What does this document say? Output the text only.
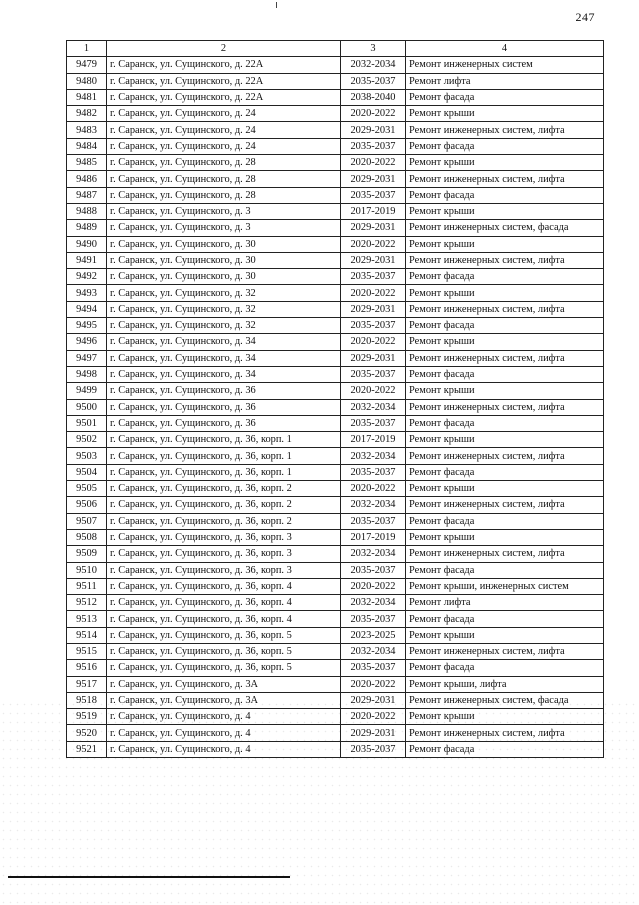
247
1	2	3	4
9479	г. Саранск, ул. Сущинского, д. 22А	2032-2034	Ремонт инженерных систем
9480	г. Саранск, ул. Сущинского, д. 22А	2035-2037	Ремонт лифта
9481	г. Саранск, ул. Сущинского, д. 22А	2038-2040	Ремонт фасада
9482	г. Саранск, ул. Сущинского, д. 24	2020-2022	Ремонт крыши
9483	г. Саранск, ул. Сущинского, д. 24	2029-2031	Ремонт инженерных систем, лифта
9484	г. Саранск, ул. Сущинского, д. 24	2035-2037	Ремонт фасада
9485	г. Саранск, ул. Сущинского, д. 28	2020-2022	Ремонт крыши
9486	г. Саранск, ул. Сущинского, д. 28	2029-2031	Ремонт инженерных систем, лифта
9487	г. Саранск, ул. Сущинского, д. 28	2035-2037	Ремонт фасада
9488	г. Саранск, ул. Сущинского, д. 3	2017-2019	Ремонт крыши
9489	г. Саранск, ул. Сущинского, д. 3	2029-2031	Ремонт инженерных систем, фасада
9490	г. Саранск, ул. Сущинского, д. 30	2020-2022	Ремонт крыши
9491	г. Саранск, ул. Сущинского, д. 30	2029-2031	Ремонт инженерных систем, лифта
9492	г. Саранск, ул. Сущинского, д. 30	2035-2037	Ремонт фасада
9493	г. Саранск, ул. Сущинского, д. 32	2020-2022	Ремонт крыши
9494	г. Саранск, ул. Сущинского, д. 32	2029-2031	Ремонт инженерных систем, лифта
9495	г. Саранск, ул. Сущинского, д. 32	2035-2037	Ремонт фасада
9496	г. Саранск, ул. Сущинского, д. 34	2020-2022	Ремонт крыши
9497	г. Саранск, ул. Сущинского, д. 34	2029-2031	Ремонт инженерных систем, лифта
9498	г. Саранск, ул. Сущинского, д. 34	2035-2037	Ремонт фасада
9499	г. Саранск, ул. Сущинского, д. 36	2020-2022	Ремонт крыши
9500	г. Саранск, ул. Сущинского, д. 36	2032-2034	Ремонт инженерных систем, лифта
9501	г. Саранск, ул. Сущинского, д. 36	2035-2037	Ремонт фасада
9502	г. Саранск, ул. Сущинского, д. 36, корп. 1	2017-2019	Ремонт крыши
9503	г. Саранск, ул. Сущинского, д. 36, корп. 1	2032-2034	Ремонт инженерных систем, лифта
9504	г. Саранск, ул. Сущинского, д. 36, корп. 1	2035-2037	Ремонт фасада
9505	г. Саранск, ул. Сущинского, д. 36, корп. 2	2020-2022	Ремонт крыши
9506	г. Саранск, ул. Сущинского, д. 36, корп. 2	2032-2034	Ремонт инженерных систем, лифта
9507	г. Саранск, ул. Сущинского, д. 36, корп. 2	2035-2037	Ремонт фасада
9508	г. Саранск, ул. Сущинского, д. 36, корп. 3	2017-2019	Ремонт крыши
9509	г. Саранск, ул. Сущинского, д. 36, корп. 3	2032-2034	Ремонт инженерных систем, лифта
9510	г. Саранск, ул. Сущинского, д. 36, корп. 3	2035-2037	Ремонт фасада
9511	г. Саранск, ул. Сущинского, д. 36, корп. 4	2020-2022	Ремонт крыши, инженерных систем
9512	г. Саранск, ул. Сущинского, д. 36, корп. 4	2032-2034	Ремонт лифта
9513	г. Саранск, ул. Сущинского, д. 36, корп. 4	2035-2037	Ремонт фасада
9514	г. Саранск, ул. Сущинского, д. 36, корп. 5	2023-2025	Ремонт крыши
9515	г. Саранск, ул. Сущинского, д. 36, корп. 5	2032-2034	Ремонт инженерных систем, лифта
9516	г. Саранск, ул. Сущинского, д. 36, корп. 5	2035-2037	Ремонт фасада
9517	г. Саранск, ул. Сущинского, д. 3А	2020-2022	Ремонт крыши, лифта
9518	г. Саранск, ул. Сущинского, д. 3А	2029-2031	Ремонт инженерных систем, фасада
9519	г. Саранск, ул. Сущинского, д. 4	2020-2022	Ремонт крыши
9520	г. Саранск, ул. Сущинского, д. 4	2029-2031	Ремонт инженерных систем, лифта
9521	г. Саранск, ул. Сущинского, д. 4	2035-2037	Ремонт фасада
